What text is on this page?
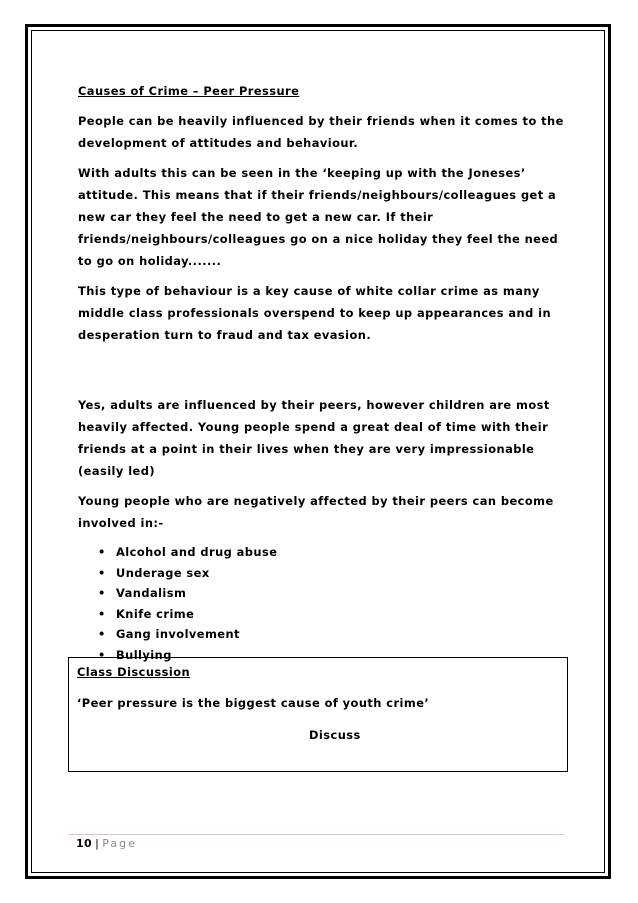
Causes of Crime – Peer Pressure

People can be heavily influenced by their friends when it comes to the development of attitudes and behaviour.

With adults this can be seen in the ‘keeping up with the Joneses’ attitude. This means that if their friends/neighbours/colleagues get a new car they feel the need to get a new car. If their friends/neighbours/colleagues go on a nice holiday they feel the need to go on holiday.......

This type of behaviour is a key cause of white collar crime as many middle class professionals overspend to keep up appearances and in desperation turn to fraud and tax evasion.

Yes, adults are influenced by their peers, however children are most heavily affected. Young people spend a great deal of time with their friends at a point in their lives when they are very impressionable (easily led)

Young people who are negatively affected by their peers can become involved in:-

• Alcohol and drug abuse
• Underage sex
• Vandalism
• Knife crime
• Gang involvement
• Bullying
Class Discussion
‘Peer pressure is the biggest cause of youth crime’
Discuss
10 | Page
